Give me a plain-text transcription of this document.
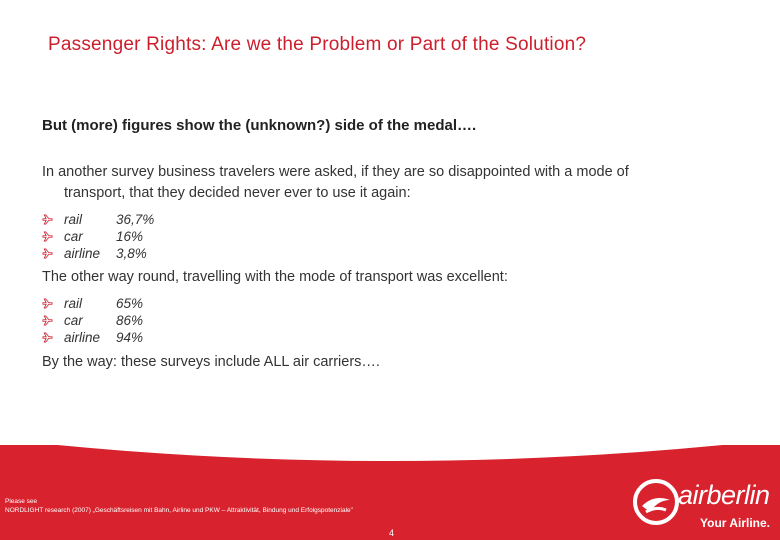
Passenger Rights: Are we the Problem or Part of the Solution?
But (more) figures show the (unknown?) side of the medal….
In another survey business travelers were asked, if they are so disappointed with a mode of
transport, that they decided never ever to use it again:
rail	36,7%
car	16%
airline	3,8%
The other way round, travelling with the mode of transport was excellent:
rail	65%
car	86%
airline	94%
By the way: these surveys include ALL air carriers….
Please see
NORDLIGHT research (2007) „Geschäftsreisen mit Bahn, Airline und PKW – Attraktivität, Bindung und Erfolgspotenziale"
4
airberlin
Your Airline.
